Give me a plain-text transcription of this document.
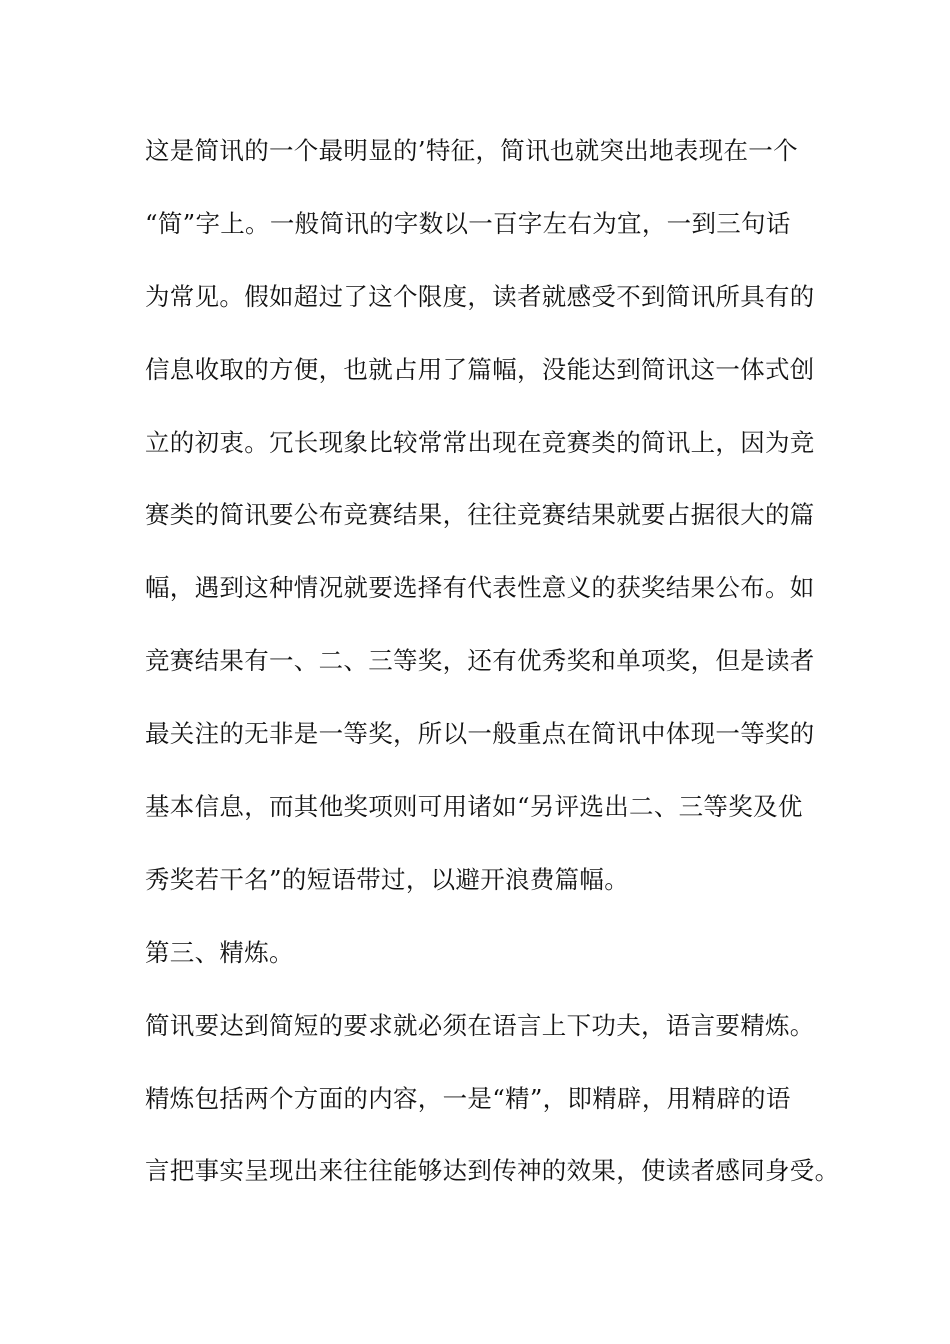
这是简讯的一个最明显的’特征，简讯也就突出地表现在一个
“简”字上。一般简讯的字数以一百字左右为宜，一到三句话
为常见。假如超过了这个限度，读者就感受不到简讯所具有的
信息收取的方便，也就占用了篇幅，没能达到简讯这一体式创
立的初衷。冗长现象比较常常出现在竞赛类的简讯上，因为竞
赛类的简讯要公布竞赛结果，往往竞赛结果就要占据很大的篇
幅，遇到这种情况就要选择有代表性意义的获奖结果公布。如
竞赛结果有一、二、三等奖，还有优秀奖和单项奖，但是读者
最关注的无非是一等奖，所以一般重点在简讯中体现一等奖的
基本信息，而其他奖项则可用诸如“另评选出二、三等奖及优
秀奖若干名”的短语带过，以避开浪费篇幅。
第三、精炼。
简讯要达到简短的要求就必须在语言上下功夫，语言要精炼。
精炼包括两个方面的内容，一是“精”，即精辟，用精辟的语
言把事实呈现出来往往能够达到传神的效果，使读者感同身受。
